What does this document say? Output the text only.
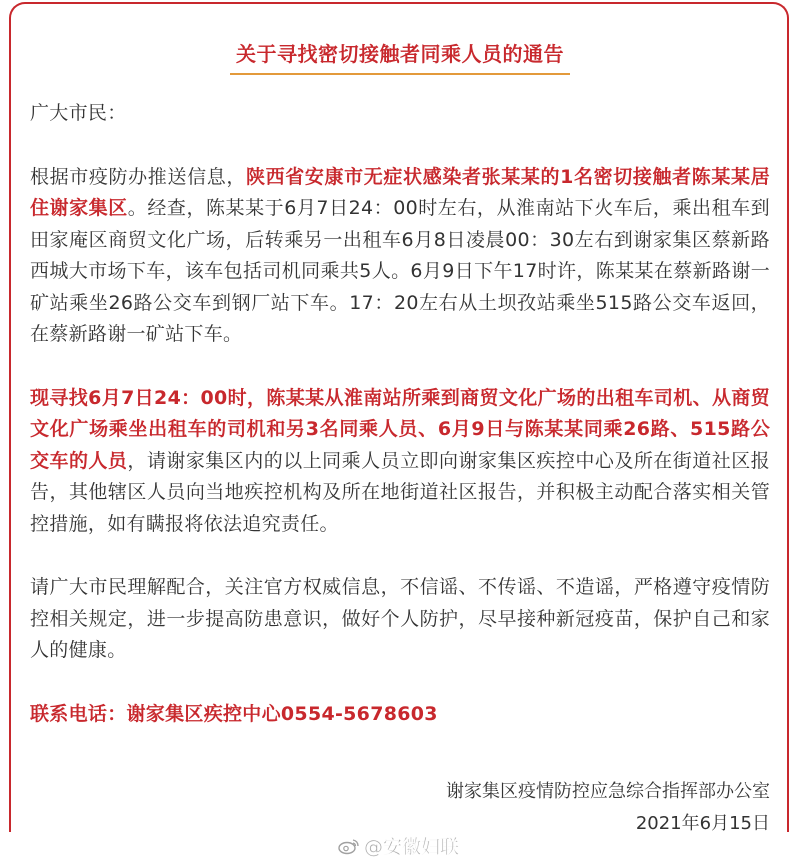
关于寻找密切接触者同乘人员的通告

广大市民：

根据市疫防办推送信息，陕西省安康市无症状感染者张某某的1名密切接触者陈某某居住谢家集区。经查，陈某某于6月7日24：00时左右，从淮南站下火车后，乘出租车到田家庵区商贸文化广场，后转乘另一出租车6月8日凌晨00：30左右到谢家集区蔡新路西城大市场下车，该车包括司机同乘共5人。6月9日下午17时许，陈某某在蔡新路谢一矿站乘坐26路公交车到钢厂站下车。17：20左右从土坝孜站乘坐515路公交车返回，在蔡新路谢一矿站下车。

现寻找6月7日24：00时，陈某某从淮南站所乘到商贸文化广场的出租车司机、从商贸文化广场乘坐出租车的司机和另3名同乘人员、6月9日与陈某某同乘26路、515路公交车的人员，请谢家集区内的以上同乘人员立即向谢家集区疾控中心及所在街道社区报告，其他辖区人员向当地疾控机构及所在地街道社区报告，并积极主动配合落实相关管控措施，如有瞒报将依法追究责任。

请广大市民理解配合，关注官方权威信息，不信谣、不传谣、不造谣，严格遵守疫情防控相关规定，进一步提高防患意识，做好个人防护，尽早接种新冠疫苗，保护自己和家人的健康。

联系电话：谢家集区疾控中心0554-5678603

谢家集区疫情防控应急综合指挥部办公室
2021年6月15日
@安徽妇联
